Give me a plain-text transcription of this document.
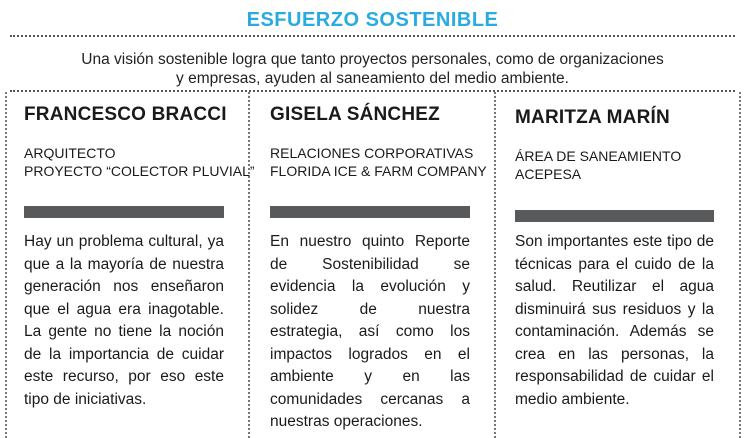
ESFUERZO SOSTENIBLE
Una visión sostenible logra que tanto proyectos personales, como de organizaciones
y empresas, ayuden al saneamiento del medio ambiente.
FRANCESCO BRACCI
ARQUITECTO
PROYECTO “COLECTOR PLUVIAL”
Hay un problema cultural, ya que a la mayoría de nuestra generación nos enseñaron que el agua era inagotable. La gente no tiene la noción de la importancia de cuidar este recurso, por eso este tipo de iniciativas.
GISELA SÁNCHEZ
RELACIONES CORPORATIVAS
FLORIDA ICE & FARM COMPANY
En nuestro quinto Reporte de Sostenibilidad se evidencia la evolución y solidez de nuestra estrategia, así como los impactos logrados en el ambiente y en las comunidades cercanas a nuestras operaciones.
MARITZA MARÍN
ÁREA DE SANEAMIENTO
ACEPESA
Son importantes este tipo de técnicas para el cuido de la salud. Reutilizar el agua disminuirá sus residuos y la contaminación. Además se crea en las personas, la responsabilidad de cuidar el medio ambiente.
